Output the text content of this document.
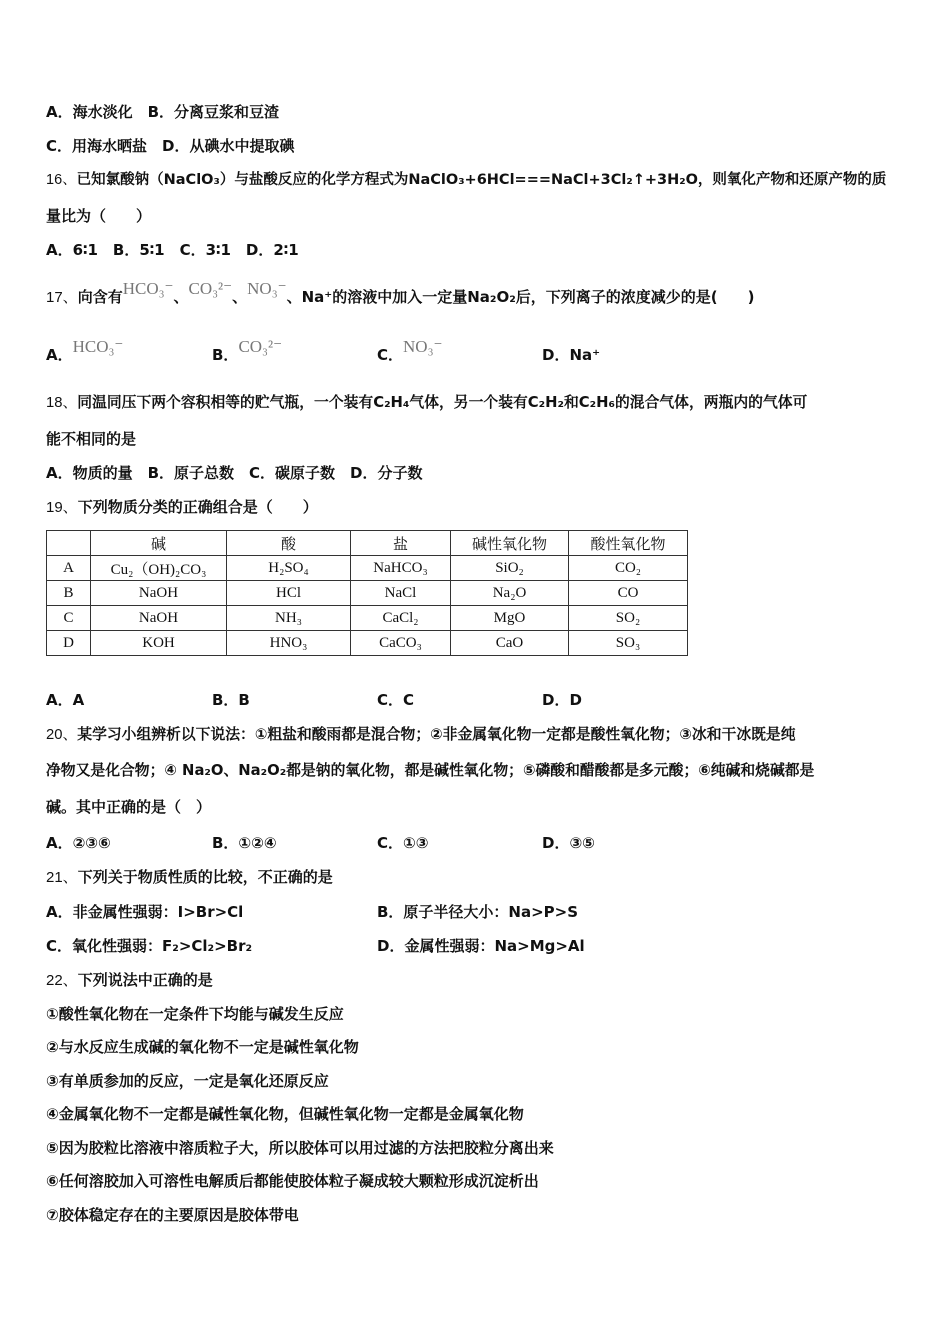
A．海水淡化　B．分离豆浆和豆渣
C．用海水晒盐　D．从碘水中提取碘
16、已知氯酸钠（NaClO₃）与盐酸反应的化学方程式为NaClO₃+6HCl===NaCl+3Cl₂↑+3H₂O，则氧化产物和还原产物的质
量比为（　　）
A．6∶1　B．5∶1　C．3∶1　D．2∶1
17、向含有HCO₃⁻、CO₃²⁻、NO₃⁻、Na⁺的溶液中加入一定量Na₂O₂后，下列离子的浓度减少的是(　　)
A．HCO₃⁻	B．CO₃²⁻	C．NO₃⁻	D．Na⁺
18、同温同压下两个容积相等的贮气瓶，一个装有C₂H₄气体，另一个装有C₂H₂和C₂H₆的混合气体，两瓶内的气体可
能不相同的是
A．物质的量　B．原子总数　C．碳原子数　D．分子数
19、下列物质分类的正确组合是（　　）
	碱	酸	盐	碱性氧化物	酸性氧化物
A	Cu₂（OH)₂CO₃	H₂SO₄	NaHCO₃	SiO₂	CO₂
B	NaOH	HCl	NaCl	Na₂O	CO
C	NaOH	NH₃	CaCl₂	MgO	SO₂
D	KOH	HNO₃	CaCO₃	CaO	SO₃
A．A	B．B	C．C	D．D
20、某学习小组辨析以下说法：①粗盐和酸雨都是混合物；②非金属氧化物一定都是酸性氧化物；③冰和干冰既是纯
净物又是化合物；④ Na₂O、Na₂O₂都是钠的氧化物，都是碱性氧化物；⑤磷酸和醋酸都是多元酸；⑥纯碱和烧碱都是
碱。其中正确的是（　）
A．②③⑥	B．①②④	C．①③	D．③⑤
21、下列关于物质性质的比较，不正确的是
A．非金属性强弱：I>Br>Cl	B．原子半径大小：Na>P>S
C．氧化性强弱：F₂>Cl₂>Br₂	D．金属性强弱：Na>Mg>Al
22、下列说法中正确的是
①酸性氧化物在一定条件下均能与碱发生反应
②与水反应生成碱的氧化物不一定是碱性氧化物
③有单质参加的反应，一定是氧化还原反应
④金属氧化物不一定都是碱性氧化物，但碱性氧化物一定都是金属氧化物
⑤因为胶粒比溶液中溶质粒子大，所以胶体可以用过滤的方法把胶粒分离出来
⑥任何溶胶加入可溶性电解质后都能使胶体粒子凝成较大颗粒形成沉淀析出
⑦胶体稳定存在的主要原因是胶体带电
